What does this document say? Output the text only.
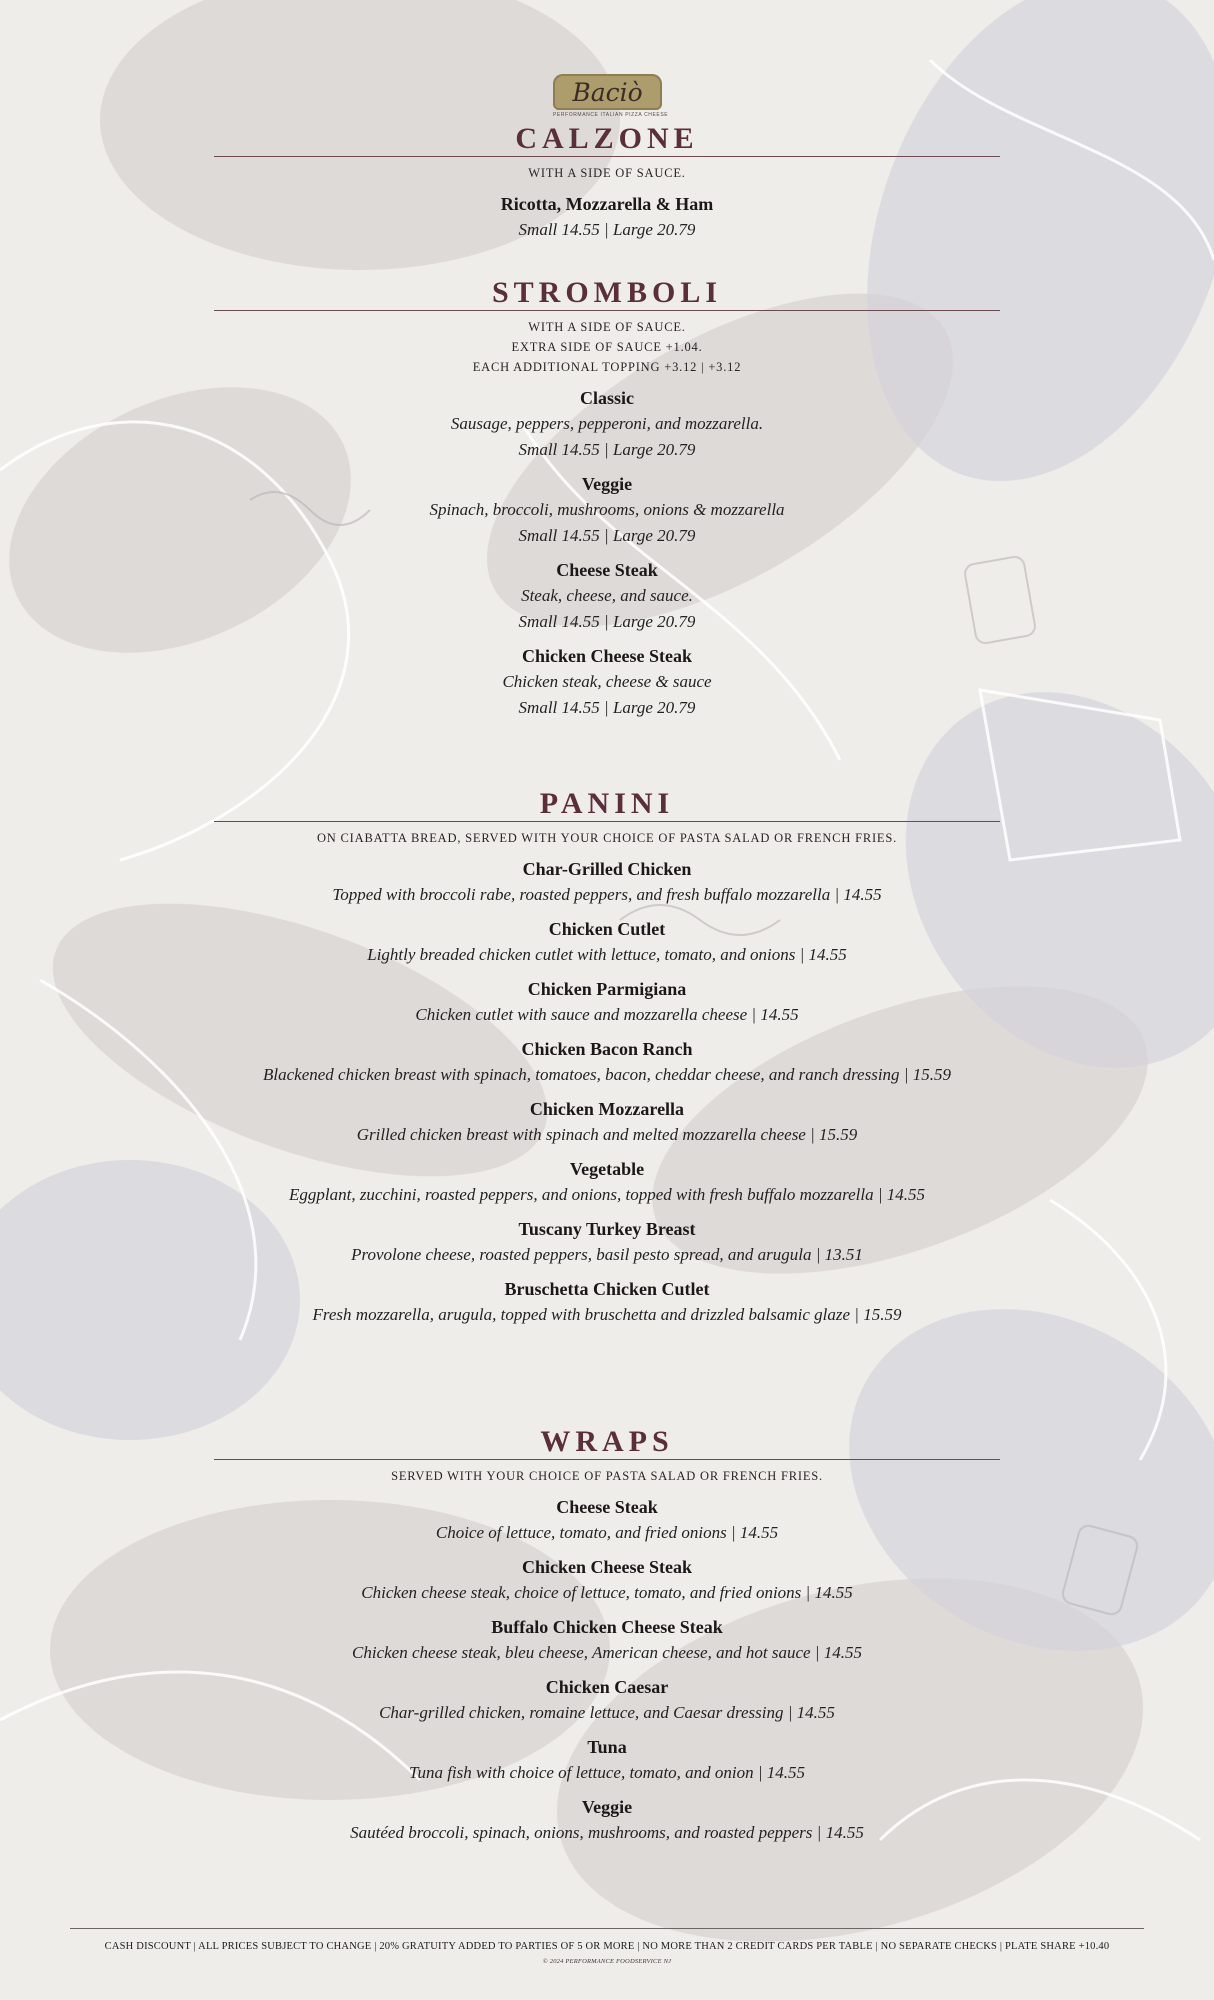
Baciò
PERFORMANCE ITALIAN PIZZA CHEESE
CALZONE
WITH A SIDE OF SAUCE.
Ricotta, Mozzarella & Ham
Small 14.55 | Large 20.79
STROMBOLI
WITH A SIDE OF SAUCE.
EXTRA SIDE OF SAUCE +1.04.
EACH ADDITIONAL TOPPING +3.12 | +3.12
Classic
Sausage, peppers, pepperoni, and mozzarella.
Small 14.55 | Large 20.79
Veggie
Spinach, broccoli, mushrooms, onions & mozzarella
Small 14.55 | Large 20.79
Cheese Steak
Steak, cheese, and sauce.
Small 14.55 | Large 20.79
Chicken Cheese Steak
Chicken steak, cheese & sauce
Small 14.55 | Large 20.79
PANINI
ON CIABATTA BREAD, SERVED WITH YOUR CHOICE OF PASTA SALAD OR FRENCH FRIES.
Char-Grilled Chicken
Topped with broccoli rabe, roasted peppers, and fresh buffalo mozzarella | 14.55
Chicken Cutlet
Lightly breaded chicken cutlet with lettuce, tomato, and onions | 14.55
Chicken Parmigiana
Chicken cutlet with sauce and mozzarella cheese | 14.55
Chicken Bacon Ranch
Blackened chicken breast with spinach, tomatoes, bacon, cheddar cheese, and ranch dressing | 15.59
Chicken Mozzarella
Grilled chicken breast with spinach and melted mozzarella cheese | 15.59
Vegetable
Eggplant, zucchini, roasted peppers, and onions, topped with fresh buffalo mozzarella | 14.55
Tuscany Turkey Breast
Provolone cheese, roasted peppers, basil pesto spread, and arugula | 13.51
Bruschetta Chicken Cutlet
Fresh mozzarella, arugula, topped with bruschetta and drizzled balsamic glaze | 15.59
WRAPS
SERVED WITH YOUR CHOICE OF PASTA SALAD OR FRENCH FRIES.
Cheese Steak
Choice of lettuce, tomato, and fried onions | 14.55
Chicken Cheese Steak
Chicken cheese steak, choice of lettuce, tomato, and fried onions | 14.55
Buffalo Chicken Cheese Steak
Chicken cheese steak, bleu cheese, American cheese, and hot sauce | 14.55
Chicken Caesar
Char-grilled chicken, romaine lettuce, and Caesar dressing | 14.55
Tuna
Tuna fish with choice of lettuce, tomato, and onion | 14.55
Veggie
Sautéed broccoli, spinach, onions, mushrooms, and roasted peppers | 14.55
CASH DISCOUNT | ALL PRICES SUBJECT TO CHANGE | 20% GRATUITY ADDED TO PARTIES OF 5 OR MORE | NO MORE THAN 2 CREDIT CARDS PER TABLE | NO SEPARATE CHECKS | PLATE SHARE +10.40
© 2024 PERFORMANCE FOODSERVICE NJ
